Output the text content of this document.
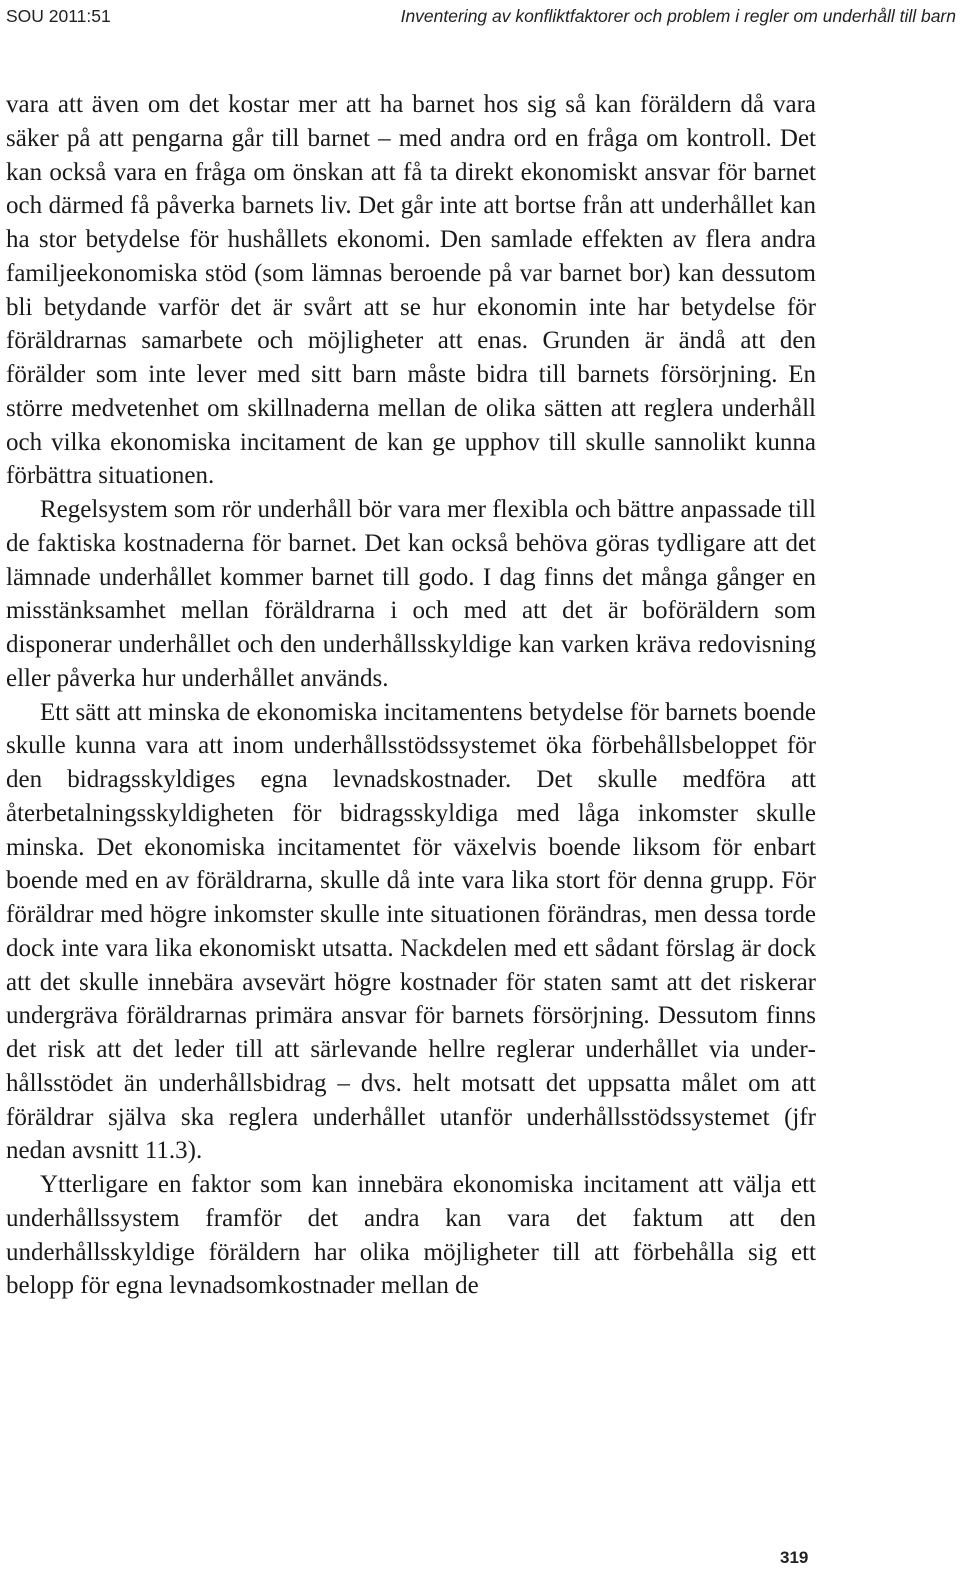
SOU 2011:51	Inventering av konfliktfaktorer och problem i regler om underhåll till barn

vara att även om det kostar mer att ha barnet hos sig så kan föräldern då vara säker på att pengarna går till barnet – med andra ord en fråga om kontroll. Det kan också vara en fråga om önskan att få ta direkt ekonomiskt ansvar för barnet och därmed få påverka barnets liv. Det går inte att bortse från att underhållet kan ha stor betydelse för hushållets ekonomi. Den samlade effekten av flera andra familjeekonomiska stöd (som lämnas beroende på var barnet bor) kan dessutom bli betydande varför det är svårt att se hur ekonomin inte har betydelse för föräldrarnas samarbete och möjligheter att enas. Grunden är ändå att den förälder som inte lever med sitt barn måste bidra till barnets försörjning. En större medvetenhet om skillnaderna mellan de olika sätten att reglera underhåll och vilka ekonomiska incitament de kan ge upphov till skulle sannolikt kunna förbättra situationen.

Regelsystem som rör underhåll bör vara mer flexibla och bättre anpassade till de faktiska kostnaderna för barnet. Det kan också behöva göras tydligare att det lämnade underhållet kommer barnet till godo. I dag finns det många gånger en misstänksamhet mellan föräldrarna i och med att det är boföräldern som disponerar underhållet och den underhållsskyldige kan varken kräva redovisning eller påverka hur underhållet används.

Ett sätt att minska de ekonomiska incitamentens betydelse för barnets boende skulle kunna vara att inom underhållsstödssystemet öka förbehållsbeloppet för den bidragsskyldiges egna levnadskostnader. Det skulle medföra att återbetalningsskyldigheten för bidragsskyldiga med låga inkomster skulle minska. Det ekonomiska incitamentet för växelvis boende liksom för enbart boende med en av föräldrarna, skulle då inte vara lika stort för denna grupp. För föräldrar med högre inkomster skulle inte situationen förändras, men dessa torde dock inte vara lika ekonomiskt utsatta. Nackdelen med ett sådant förslag är dock att det skulle innebära avsevärt högre kostnader för staten samt att det riskerar undergräva föräldrarnas primära ansvar för barnets försörjning. Dessutom finns det risk att det leder till att särlevande hellre reglerar underhållet via underhållsstödet än underhållsbidrag – dvs. helt motsatt det uppsatta målet om att föräldrar själva ska reglera underhållet utanför underhållsstödssystemet (jfr nedan avsnitt 11.3).

Ytterligare en faktor som kan innebära ekonomiska incitament att välja ett underhållssystem framför det andra kan vara det faktum att den underhållsskyldige föräldern har olika möjligheter till att förbehålla sig ett belopp för egna levnadsomkostnader mellan de

319
